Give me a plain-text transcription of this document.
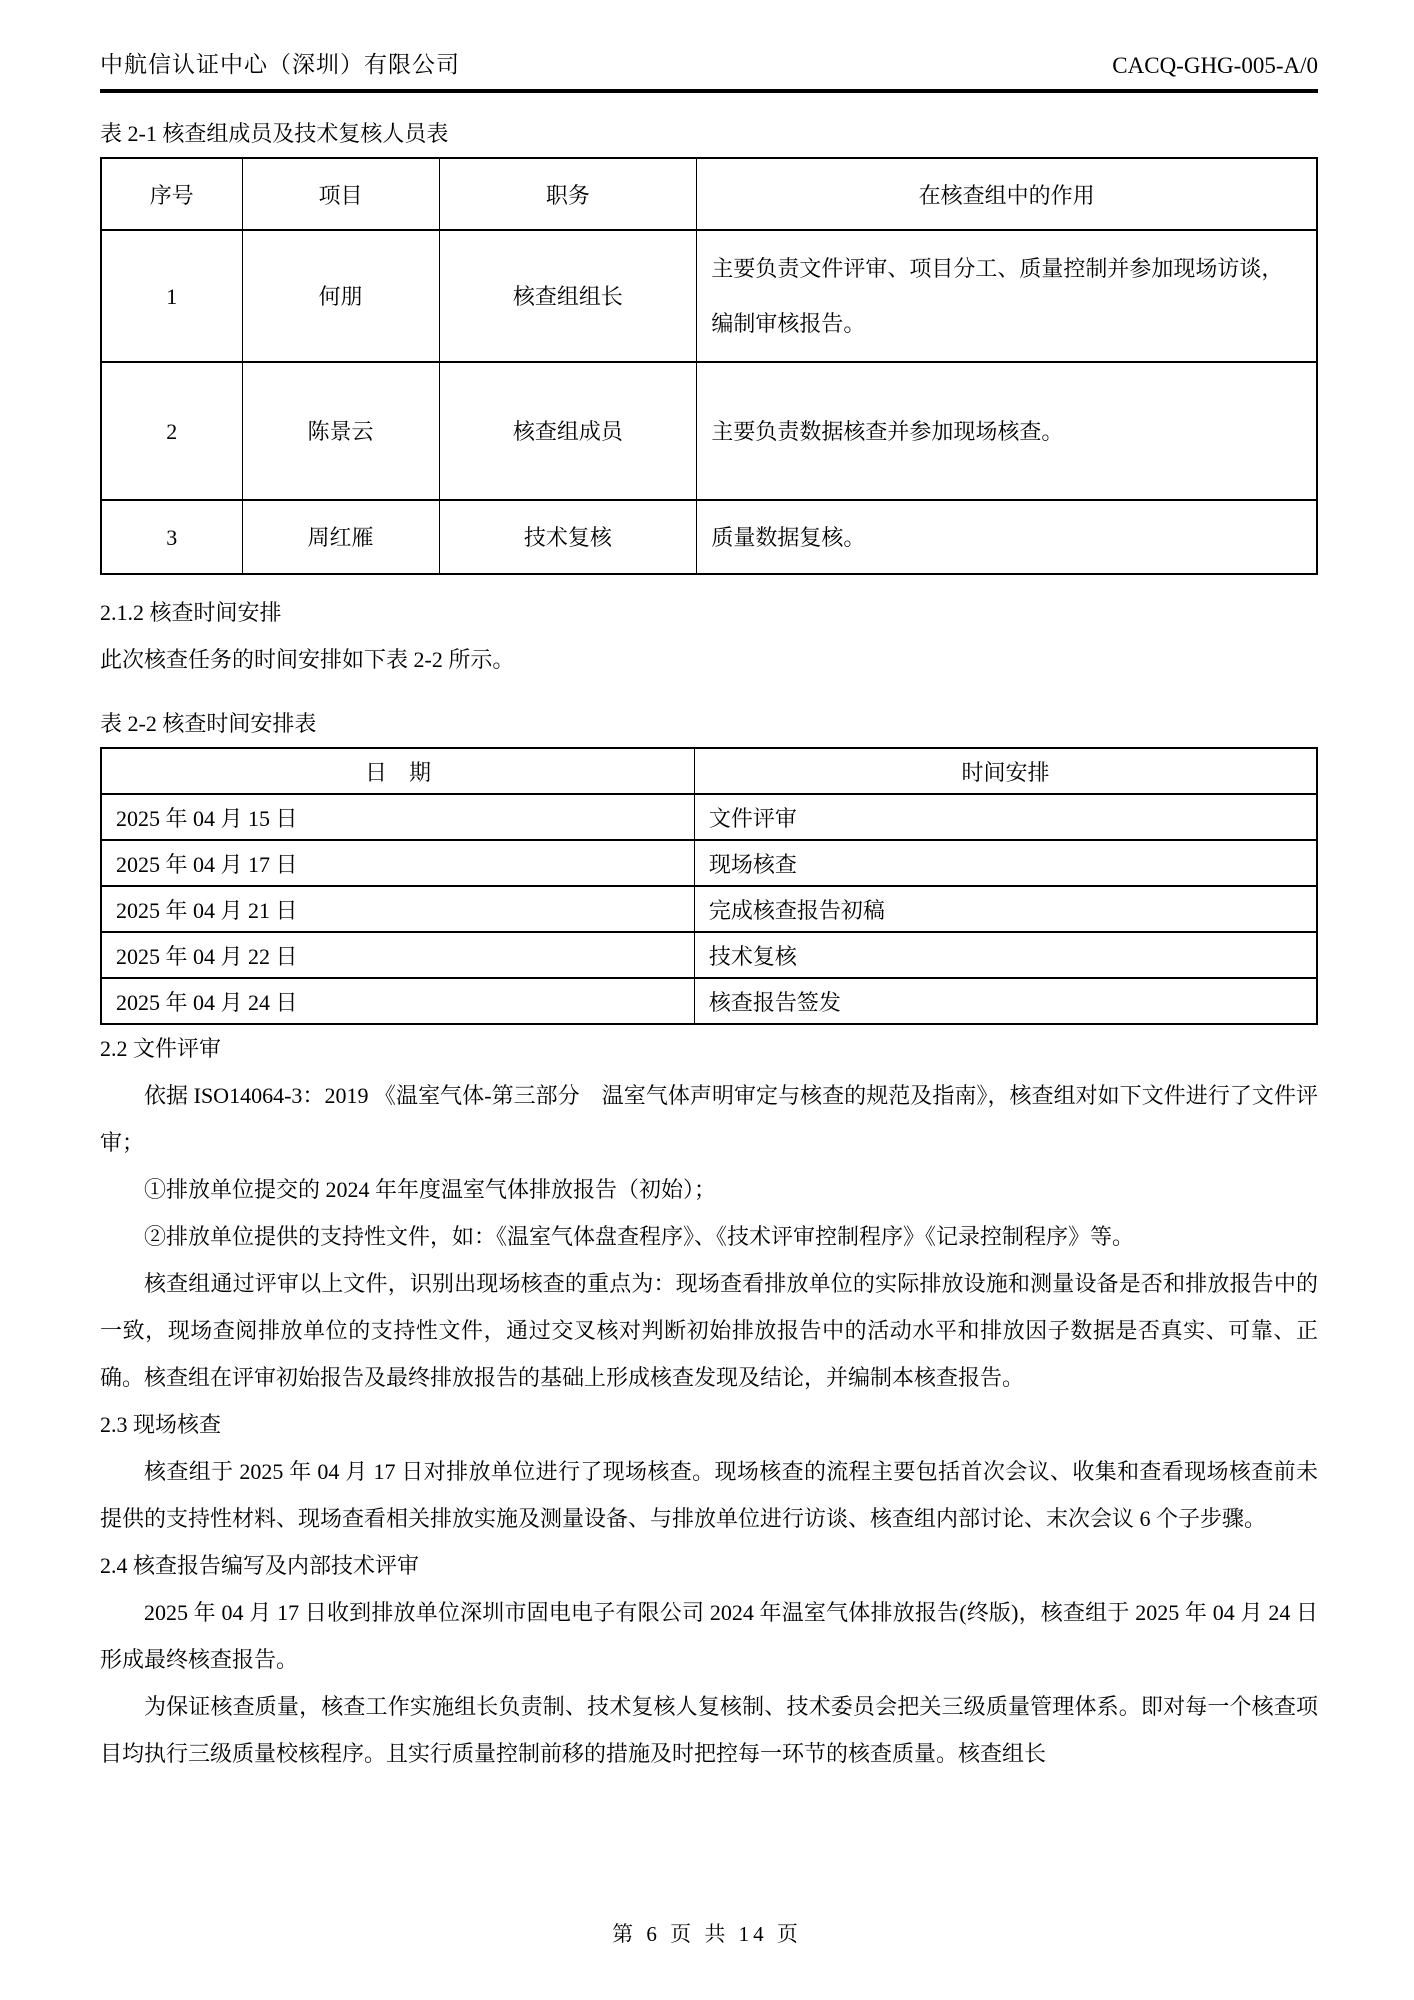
中航信认证中心（深圳）有限公司	CACQ-GHG-005-A/0
表 2-1 核查组成员及技术复核人员表
序号	项目	职务	在核查组中的作用
1	何朋	核查组组长	主要负责文件评审、项目分工、质量控制并参加现场访谈，编制审核报告。
2	陈景云	核查组成员	主要负责数据核查并参加现场核查。
3	周红雁	技术复核	质量数据复核。
2.1.2 核查时间安排
此次核查任务的时间安排如下表 2-2 所示。
表 2-2 核查时间安排表
日　期	时间安排
2025 年 04 月 15 日	文件评审
2025 年 04 月 17 日	现场核查
2025 年 04 月 21 日	完成核查报告初稿
2025 年 04 月 22 日	技术复核
2025 年 04 月 24 日	核查报告签发
2.2 文件评审
依据 ISO14064-3：2019 《温室气体-第三部分　温室气体声明审定与核查的规范及指南》，核查组对如下文件进行了文件评审；
①排放单位提交的 2024 年年度温室气体排放报告（初始）；
②排放单位提供的支持性文件，如：《温室气体盘查程序》、《技术评审控制程序》《记录控制程序》等。
核查组通过评审以上文件，识别出现场核查的重点为：现场查看排放单位的实际排放设施和测量设备是否和排放报告中的一致，现场查阅排放单位的支持性文件，通过交叉核对判断初始排放报告中的活动水平和排放因子数据是否真实、可靠、正确。核查组在评审初始报告及最终排放报告的基础上形成核查发现及结论，并编制本核查报告。
2.3 现场核查
核查组于 2025 年 04 月 17 日对排放单位进行了现场核查。现场核查的流程主要包括首次会议、收集和查看现场核查前未提供的支持性材料、现场查看相关排放实施及测量设备、与排放单位进行访谈、核查组内部讨论、末次会议 6 个子步骤。
2.4 核查报告编写及内部技术评审
2025 年 04 月 17 日收到排放单位深圳市固电电子有限公司 2024 年温室气体排放报告(终版)，核查组于 2025 年 04 月 24 日形成最终核查报告。
为保证核查质量，核查工作实施组长负责制、技术复核人复核制、技术委员会把关三级质量管理体系。即对每一个核查项目均执行三级质量校核程序。且实行质量控制前移的措施及时把控每一环节的核查质量。核查组长
第 6 页 共 14 页
